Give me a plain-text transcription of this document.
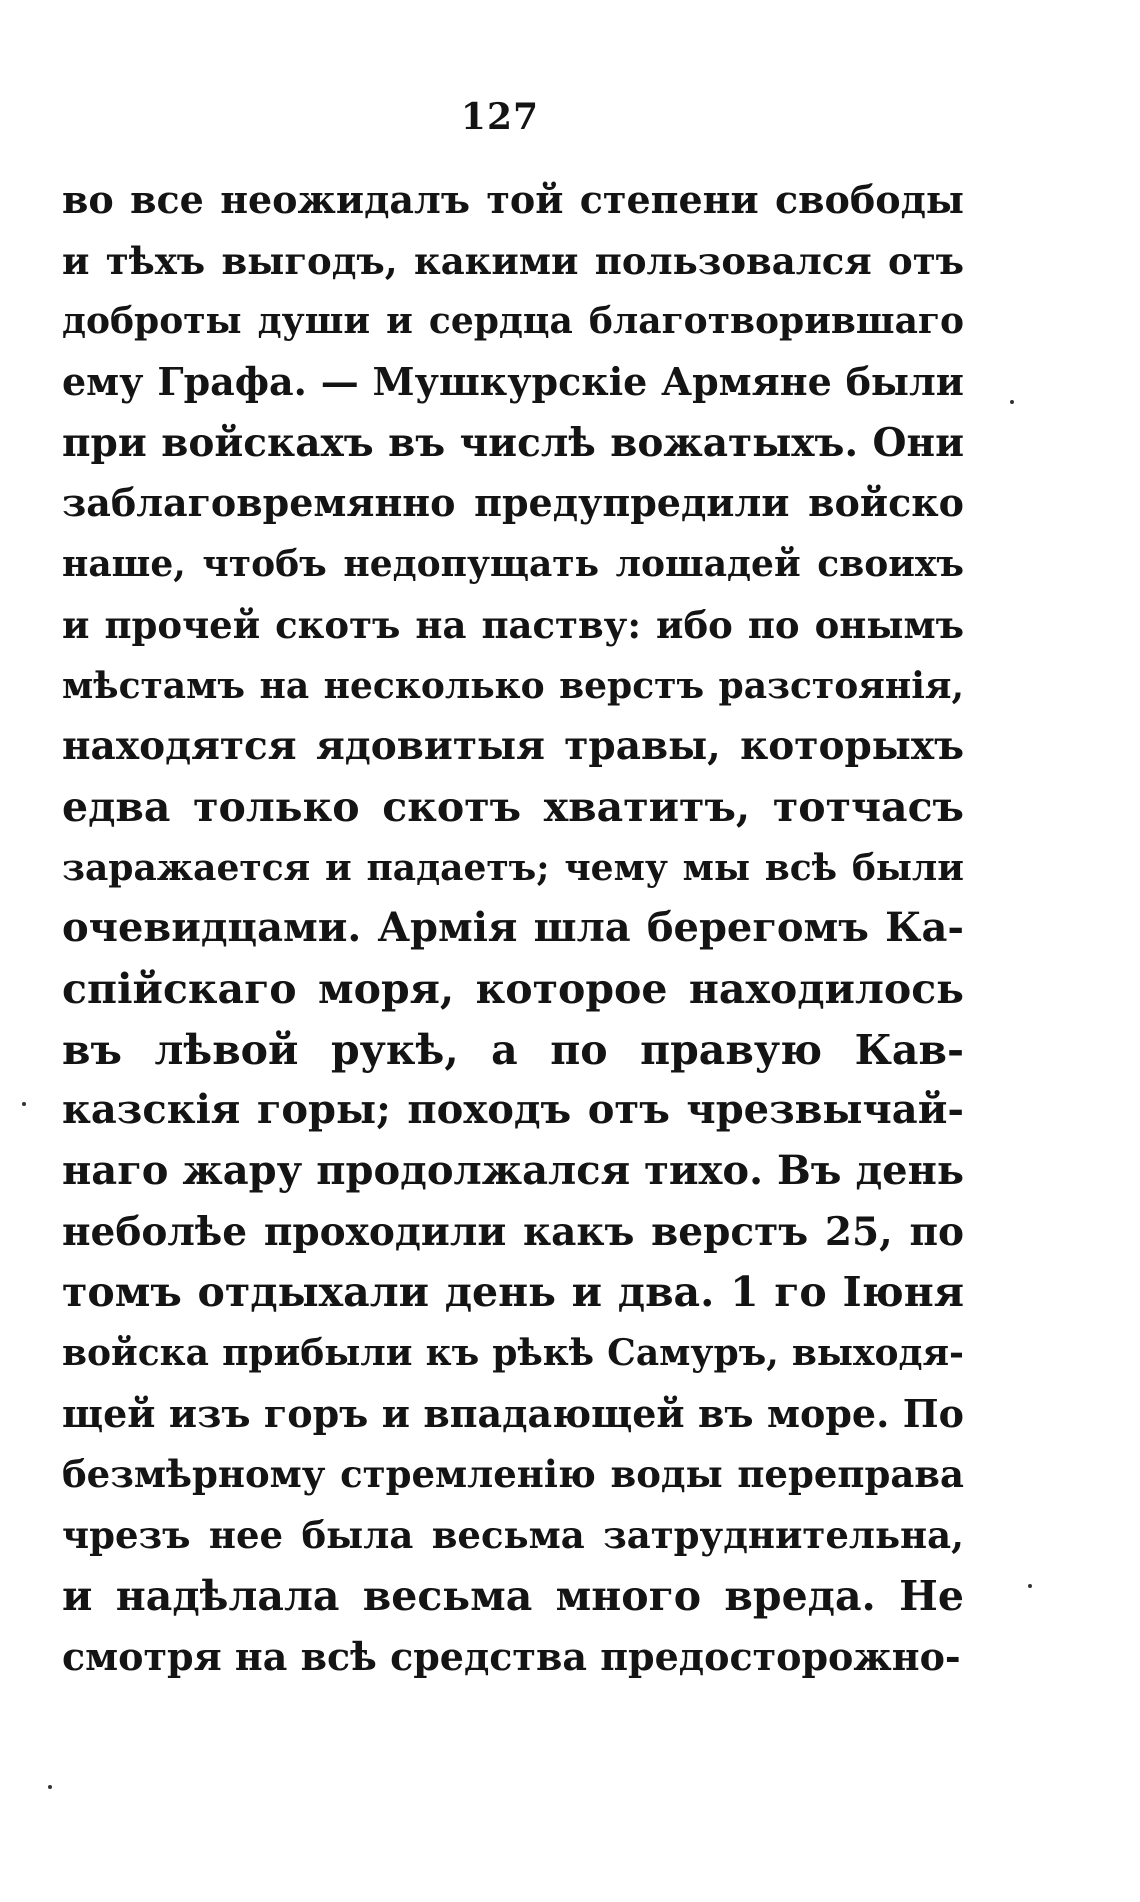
127
во все неожидалъ той степени свободы
и тѣхъ выгодъ, какими пользовался отъ
доброты души и сердца благотворившаго
ему Графа. — Мушкурскіе Армяне были
при войскахъ въ числѣ вожатыхъ. Они
заблаговремянно предупредили войско
наше, чтобъ недопущать лошадей своихъ
и прочей скотъ на паству: ибо по онымъ
мѣстамъ на несколько верстъ разстоянія,
находятся ядовитыя травы, которыхъ
едва только скотъ хватитъ, тотчасъ
заражается и падаетъ; чему мы всѣ были
очевидцами. Армія шла берегомъ Ка-
спійскаго моря, которое находилось
въ лѣвой рукѣ, а по правую Кав-
казскія горы; походъ отъ чрезвычай-
наго жару продолжался тихо. Въ день
неболѣе проходили какъ верстъ 25, по
томъ отдыхали день и два. 1 го Іюня
войска прибыли къ рѣкѣ Самуръ, выходя-
щей изъ горъ и впадающей въ море. По
безмѣрному стремленію воды переправа
чрезъ нее была весьма затруднительна,
и надѣлала весьма много вреда. Не
смотря на всѣ средства предосторожно-
